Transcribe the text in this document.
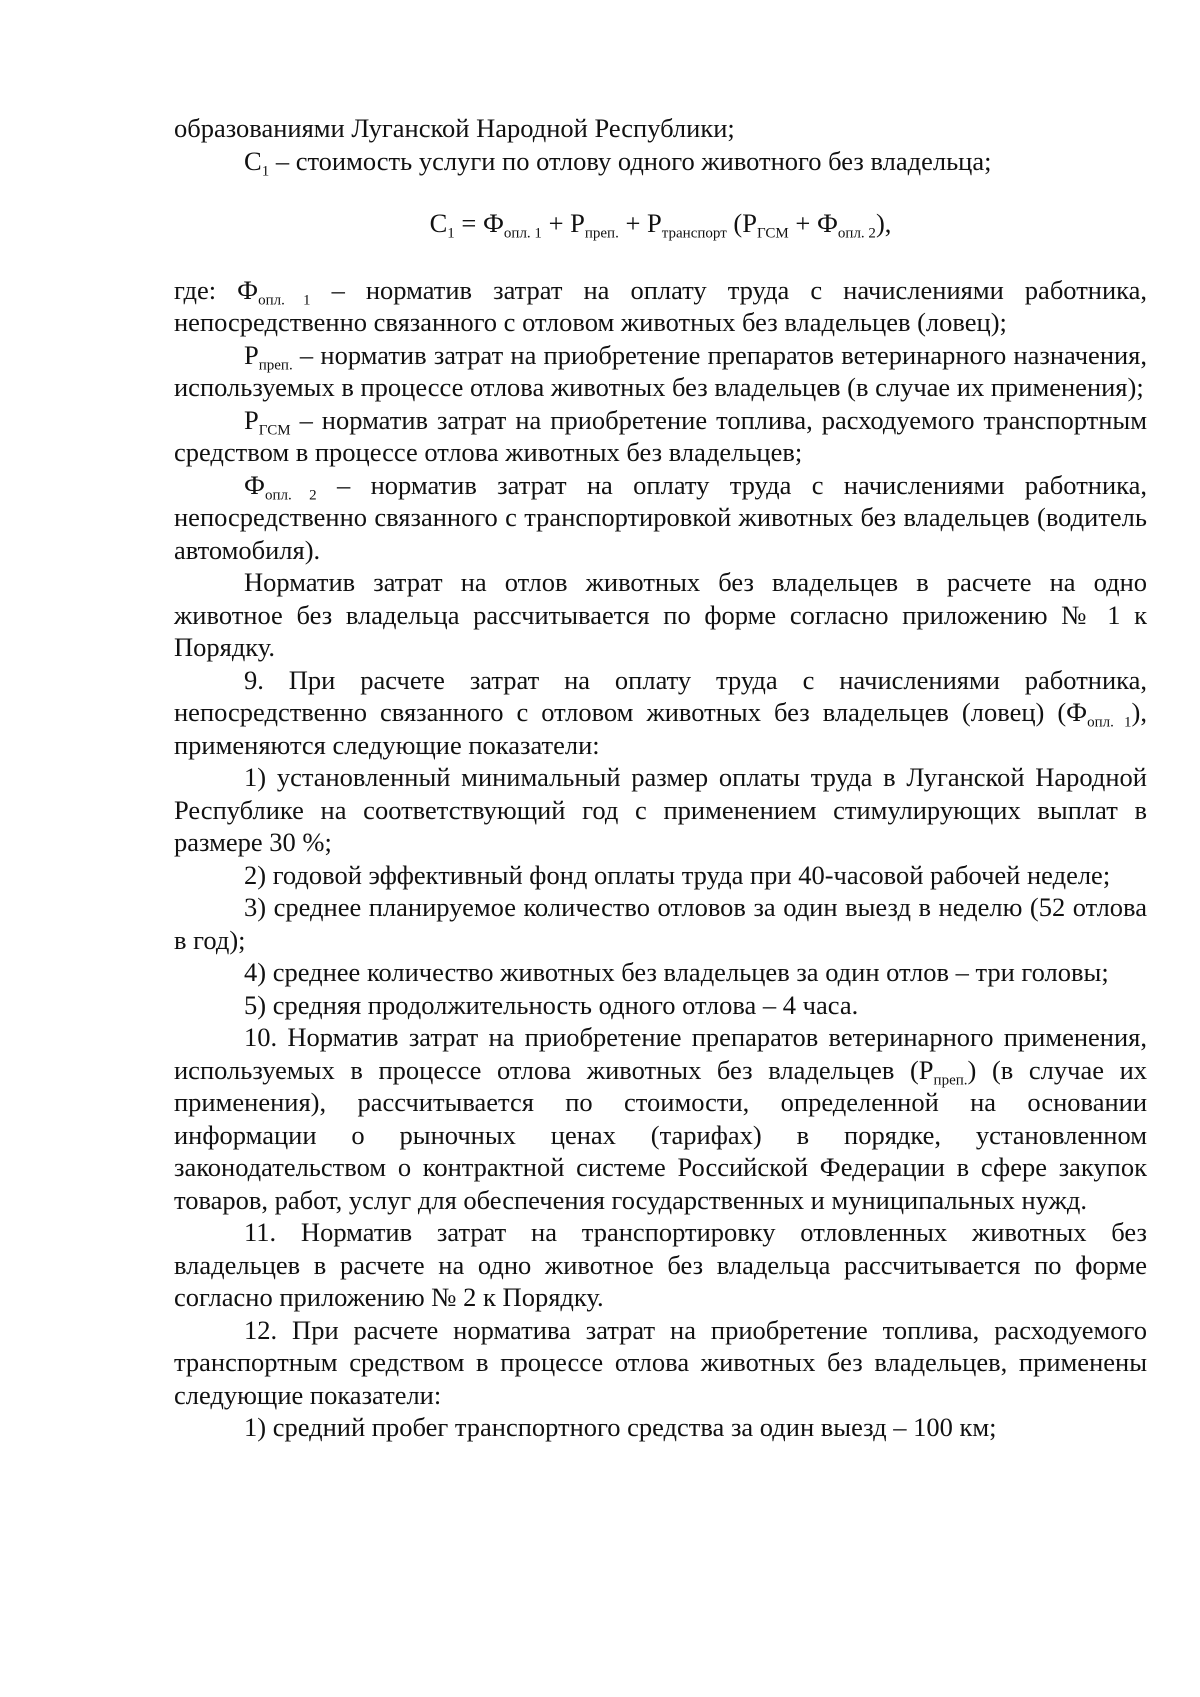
образованиями Луганской Народной Республики;

$С_1$ – стоимость услуги по отлову одного животного без владельца;

$С_1 = Ф_{опл. 1} + Р_{преп.} + Р_{транспорт}$ $(Р_{ГСМ} + Ф_{опл. 2})$,

где: $Ф_{опл. 1}$ – норматив затрат на оплату труда с начислениями работника, непосредственно связанного с отловом животных без владельцев (ловец);

$Р_{преп.}$ – норматив затрат на приобретение препаратов ветеринарного назначения, используемых в процессе отлова животных без владельцев (в случае их применения);

$Р_{ГСМ}$ – норматив затрат на приобретение топлива, расходуемого транспортным средством в процессе отлова животных без владельцев;

$Ф_{опл. 2}$ – норматив затрат на оплату труда с начислениями работника, непосредственно связанного с транспортировкой животных без владельцев (водитель автомобиля).

Норматив затрат на отлов животных без владельцев в расчете на одно животное без владельца рассчитывается по форме согласно приложению № 1 к Порядку.

9. При расчете затрат на оплату труда с начислениями работника, непосредственно связанного с отловом животных без владельцев (ловец) $(Ф_{опл. 1})$, применяются следующие показатели:

1) установленный минимальный размер оплаты труда в Луганской Народной Республике на соответствующий год с применением стимулирующих выплат в размере 30 %;

2) годовой эффективный фонд оплаты труда при 40-часовой рабочей неделе;

3) среднее планируемое количество отловов за один выезд в неделю (52 отлова в год);

4) среднее количество животных без владельцев за один отлов – три головы;

5) средняя продолжительность одного отлова – 4 часа.

10. Норматив затрат на приобретение препаратов ветеринарного применения, используемых в процессе отлова животных без владельцев $(Р_{преп.})$ (в случае их применения), рассчитывается по стоимости, определенной на основании информации о рыночных ценах (тарифах) в порядке, установленном законодательством о контрактной системе Российской Федерации в сфере закупок товаров, работ, услуг для обеспечения государственных и муниципальных нужд.

11. Норматив затрат на транспортировку отловленных животных без владельцев в расчете на одно животное без владельца рассчитывается по форме согласно приложению № 2 к Порядку.

12. При расчете норматива затрат на приобретение топлива, расходуемого транспортным средством в процессе отлова животных без владельцев, применены следующие показатели:

1) средний пробег транспортного средства за один выезд – 100 км;
